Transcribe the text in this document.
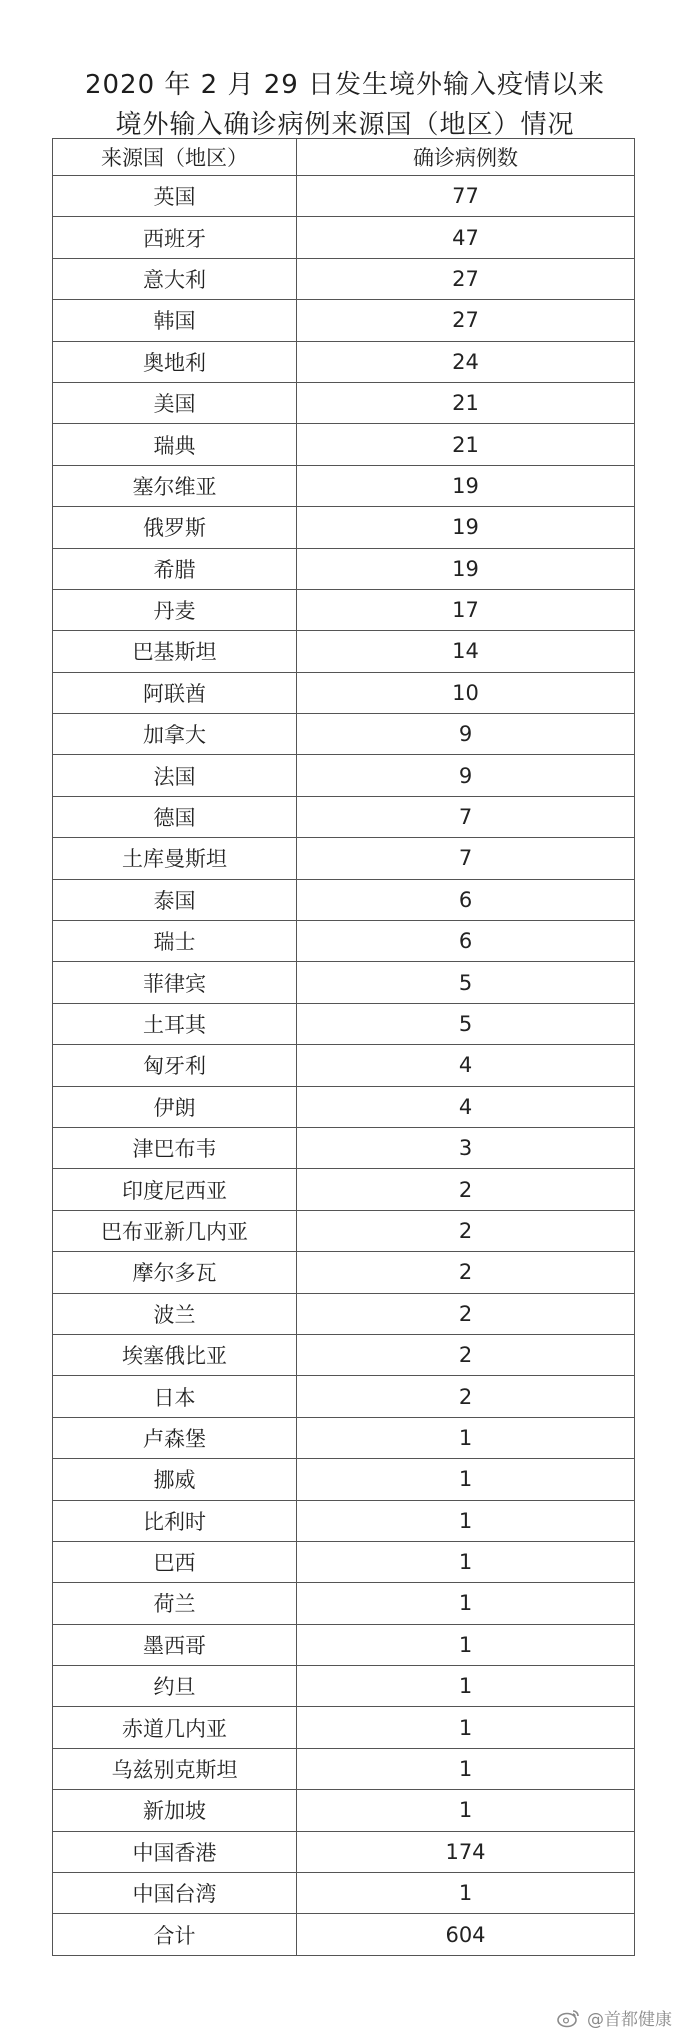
2020 年 2 月 29 日发生境外输入疫情以来
境外输入确诊病例来源国（地区）情况
来源国（地区）	确诊病例数
英国	77
西班牙	47
意大利	27
韩国	27
奥地利	24
美国	21
瑞典	21
塞尔维亚	19
俄罗斯	19
希腊	19
丹麦	17
巴基斯坦	14
阿联酋	10
加拿大	9
法国	9
德国	7
土库曼斯坦	7
泰国	6
瑞士	6
菲律宾	5
土耳其	5
匈牙利	4
伊朗	4
津巴布韦	3
印度尼西亚	2
巴布亚新几内亚	2
摩尔多瓦	2
波兰	2
埃塞俄比亚	2
日本	2
卢森堡	1
挪威	1
比利时	1
巴西	1
荷兰	1
墨西哥	1
约旦	1
赤道几内亚	1
乌兹别克斯坦	1
新加坡	1
中国香港	174
中国台湾	1
合计	604
@首都健康
